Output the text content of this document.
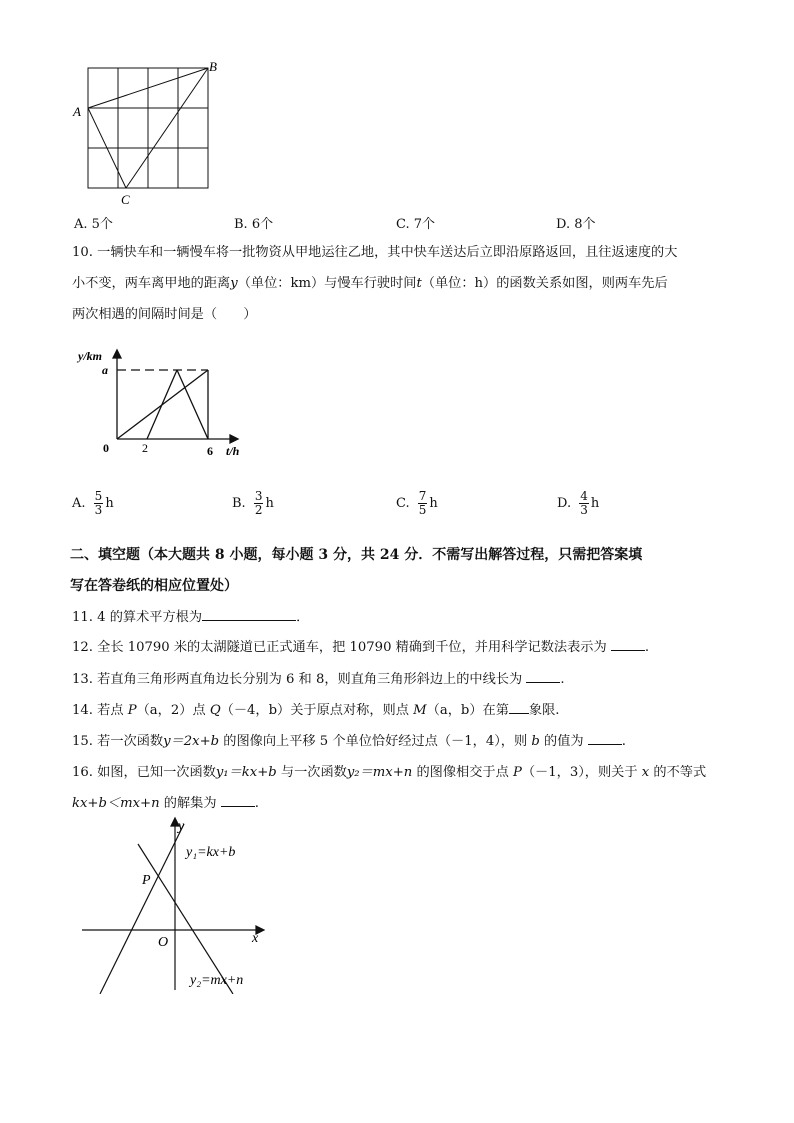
A
B
C
A. 5个	B. 6个	C. 7个	D. 8个
10. 一辆快车和一辆慢车将一批物资从甲地运往乙地，其中快车送达后立即沿原路返回，且往返速度的大
小不变，两车离甲地的距离y（单位：km）与慢车行驶时间t（单位：h）的函数关系如图，则两车先后
两次相遇的间隔时间是（　　）
y/km
a
0	2	6 t/h
A. $\frac{5}{3}$ h	B. $\frac{3}{2}$ h	C. $\frac{7}{5}$ h	D. $\frac{4}{3}$ h
二、填空题（本大题共 8 小题，每小题 3 分，共 24 分．不需写出解答过程，只需把答案填
写在答卷纸的相应位置处）
11. 4 的算术平方根为	．
12. 全长 10790 米的太湖隧道已正式通车，把 10790 精确到千位，并用科学记数法表示为	.
13. 若直角三角形两直角边长分别为 6 和 8，则直角三角形斜边上的中线长为	.
14. 若点 P（a，2）点 Q（－4，b）关于原点对称，则点 M（a，b）在第 象限.
15. 若一次函数y＝2x+b 的图像向上平移 5 个单位恰好经过点（－1，4），则 b 的值为	.
16. 如图，已知一次函数y₁＝kx+b 与一次函数y₂＝mx+n 的图像相交于点 P（－1，3），则关于 x 的不等式
kx+b＜mx+n 的解集为	.
y
y₁=kx+b
P
O	x
y₂=mx+n
